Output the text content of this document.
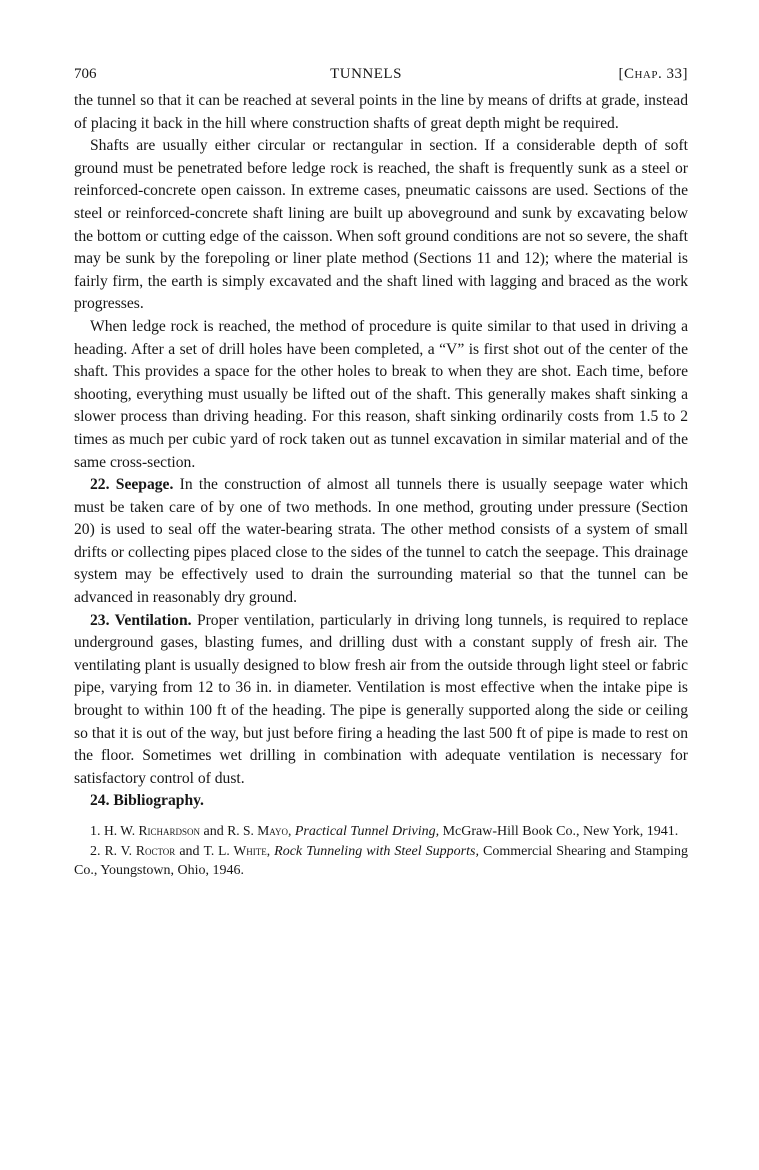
706	TUNNELS	[Chap. 33]

the tunnel so that it can be reached at several points in the line by means of drifts at grade, instead of placing it back in the hill where construction shafts of great depth might be required.

Shafts are usually either circular or rectangular in section. If a considerable depth of soft ground must be penetrated before ledge rock is reached, the shaft is frequently sunk as a steel or reinforced-concrete open caisson. In extreme cases, pneumatic caissons are used. Sections of the steel or reinforced-concrete shaft lining are built up aboveground and sunk by excavating below the bottom or cutting edge of the caisson. When soft ground conditions are not so severe, the shaft may be sunk by the forepoling or liner plate method (Sections 11 and 12); where the material is fairly firm, the earth is simply excavated and the shaft lined with lagging and braced as the work progresses.

When ledge rock is reached, the method of procedure is quite similar to that used in driving a heading. After a set of drill holes have been completed, a “V” is first shot out of the center of the shaft. This provides a space for the other holes to break to when they are shot. Each time, before shooting, everything must usually be lifted out of the shaft. This generally makes shaft sinking a slower process than driving heading. For this reason, shaft sinking ordinarily costs from 1.5 to 2 times as much per cubic yard of rock taken out as tunnel excavation in similar material and of the same cross-section.

22. Seepage. In the construction of almost all tunnels there is usually seepage water which must be taken care of by one of two methods. In one method, grouting under pressure (Section 20) is used to seal off the water-bearing strata. The other method consists of a system of small drifts or collecting pipes placed close to the sides of the tunnel to catch the seepage. This drainage system may be effectively used to drain the surrounding material so that the tunnel can be advanced in reasonably dry ground.

23. Ventilation. Proper ventilation, particularly in driving long tunnels, is required to replace underground gases, blasting fumes, and drilling dust with a constant supply of fresh air. The ventilating plant is usually designed to blow fresh air from the outside through light steel or fabric pipe, varying from 12 to 36 in. in diameter. Ventilation is most effective when the intake pipe is brought to within 100 ft of the heading. The pipe is generally supported along the side or ceiling so that it is out of the way, but just before firing a heading the last 500 ft of pipe is made to rest on the floor. Sometimes wet drilling in combination with adequate ventilation is necessary for satisfactory control of dust.

24. Bibliography.

1. H. W. Richardson and R. S. Mayo, Practical Tunnel Driving, McGraw-Hill Book Co., New York, 1941.

2. R. V. Roctor and T. L. White, Rock Tunneling with Steel Supports, Commercial Shearing and Stamping Co., Youngstown, Ohio, 1946.
